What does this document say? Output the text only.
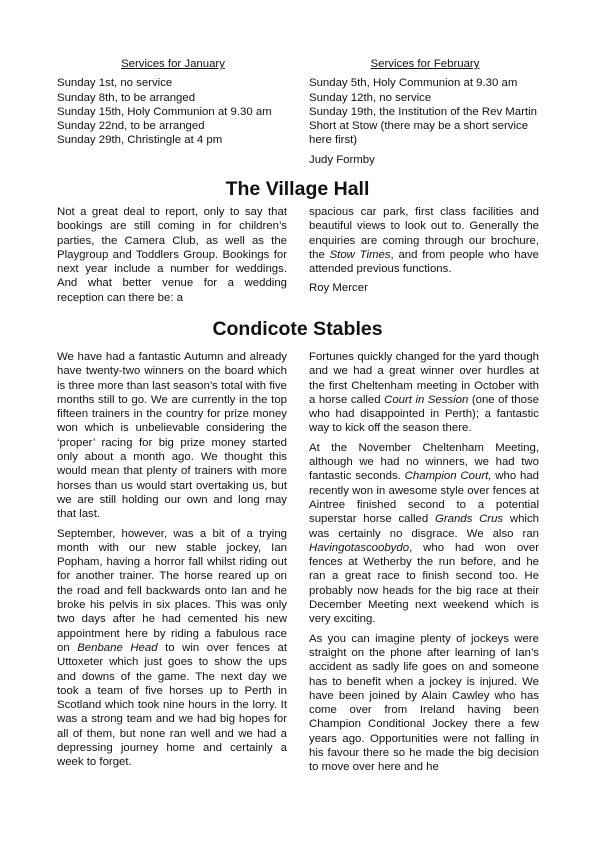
Services for January
Sunday 1st, no service
Sunday 8th, to be arranged
Sunday 15th, Holy Communion at 9.30 am
Sunday 22nd, to be arranged
Sunday 29th, Christingle at 4 pm
Services for February
Sunday 5th, Holy Communion at 9.30 am
Sunday 12th, no service
Sunday 19th, the Institution of the Rev Martin Short at Stow (there may be a short service here first)
Judy Formby
The Village Hall

Not a great deal to report, only to say that bookings are still coming in for children’s parties, the Camera Club, as well as the Playgroup and Toddlers Group. Bookings for next year include a number for weddings. And what better venue for a wedding reception can there be: a

spacious car park, first class facilities and beautiful views to look out to. Generally the enquiries are coming through our brochure, the Stow Times, and from people who have attended previous functions.

Roy Mercer
Condicote Stables

We have had a fantastic Autumn and already have twenty-two winners on the board which is three more than last season’s total with five months still to go. We are currently in the top fifteen trainers in the country for prize money won which is unbelievable considering the ‘proper’ racing for big prize money started only about a month ago. We thought this would mean that plenty of trainers with more horses than us would start overtaking us, but we are still holding our own and long may that last.

September, however, was a bit of a trying month with our new stable jockey, Ian Popham, having a horror fall whilst riding out for another trainer. The horse reared up on the road and fell backwards onto Ian and he broke his pelvis in six places. This was only two days after he had cemented his new appointment here by riding a fabulous race on Benbane Head to win over fences at Uttoxeter which just goes to show the ups and downs of the game. The next day we took a team of five horses up to Perth in Scotland which took nine hours in the lorry. It was a strong team and we had big hopes for all of them, but none ran well and we had a depressing journey home and certainly a week to forget.

Fortunes quickly changed for the yard though and we had a great winner over hurdles at the first Cheltenham meeting in October with a horse called Court in Session (one of those who had disappointed in Perth); a fantastic way to kick off the season there.

At the November Cheltenham Meeting, although we had no winners, we had two fantastic seconds. Champion Court, who had recently won in awesome style over fences at Aintree finished second to a potential superstar horse called Grands Crus which was certainly no disgrace. We also ran Havingotascoobydo, who had won over fences at Wetherby the run before, and he ran a great race to finish second too. He probably now heads for the big race at their December Meeting next weekend which is very exciting.

As you can imagine plenty of jockeys were straight on the phone after learning of Ian’s accident as sadly life goes on and someone has to benefit when a jockey is injured. We have been joined by Alain Cawley who has come over from Ireland having been Champion Conditional Jockey there a few years ago. Opportunities were not falling in his favour there so he made the big decision to move over here and he
